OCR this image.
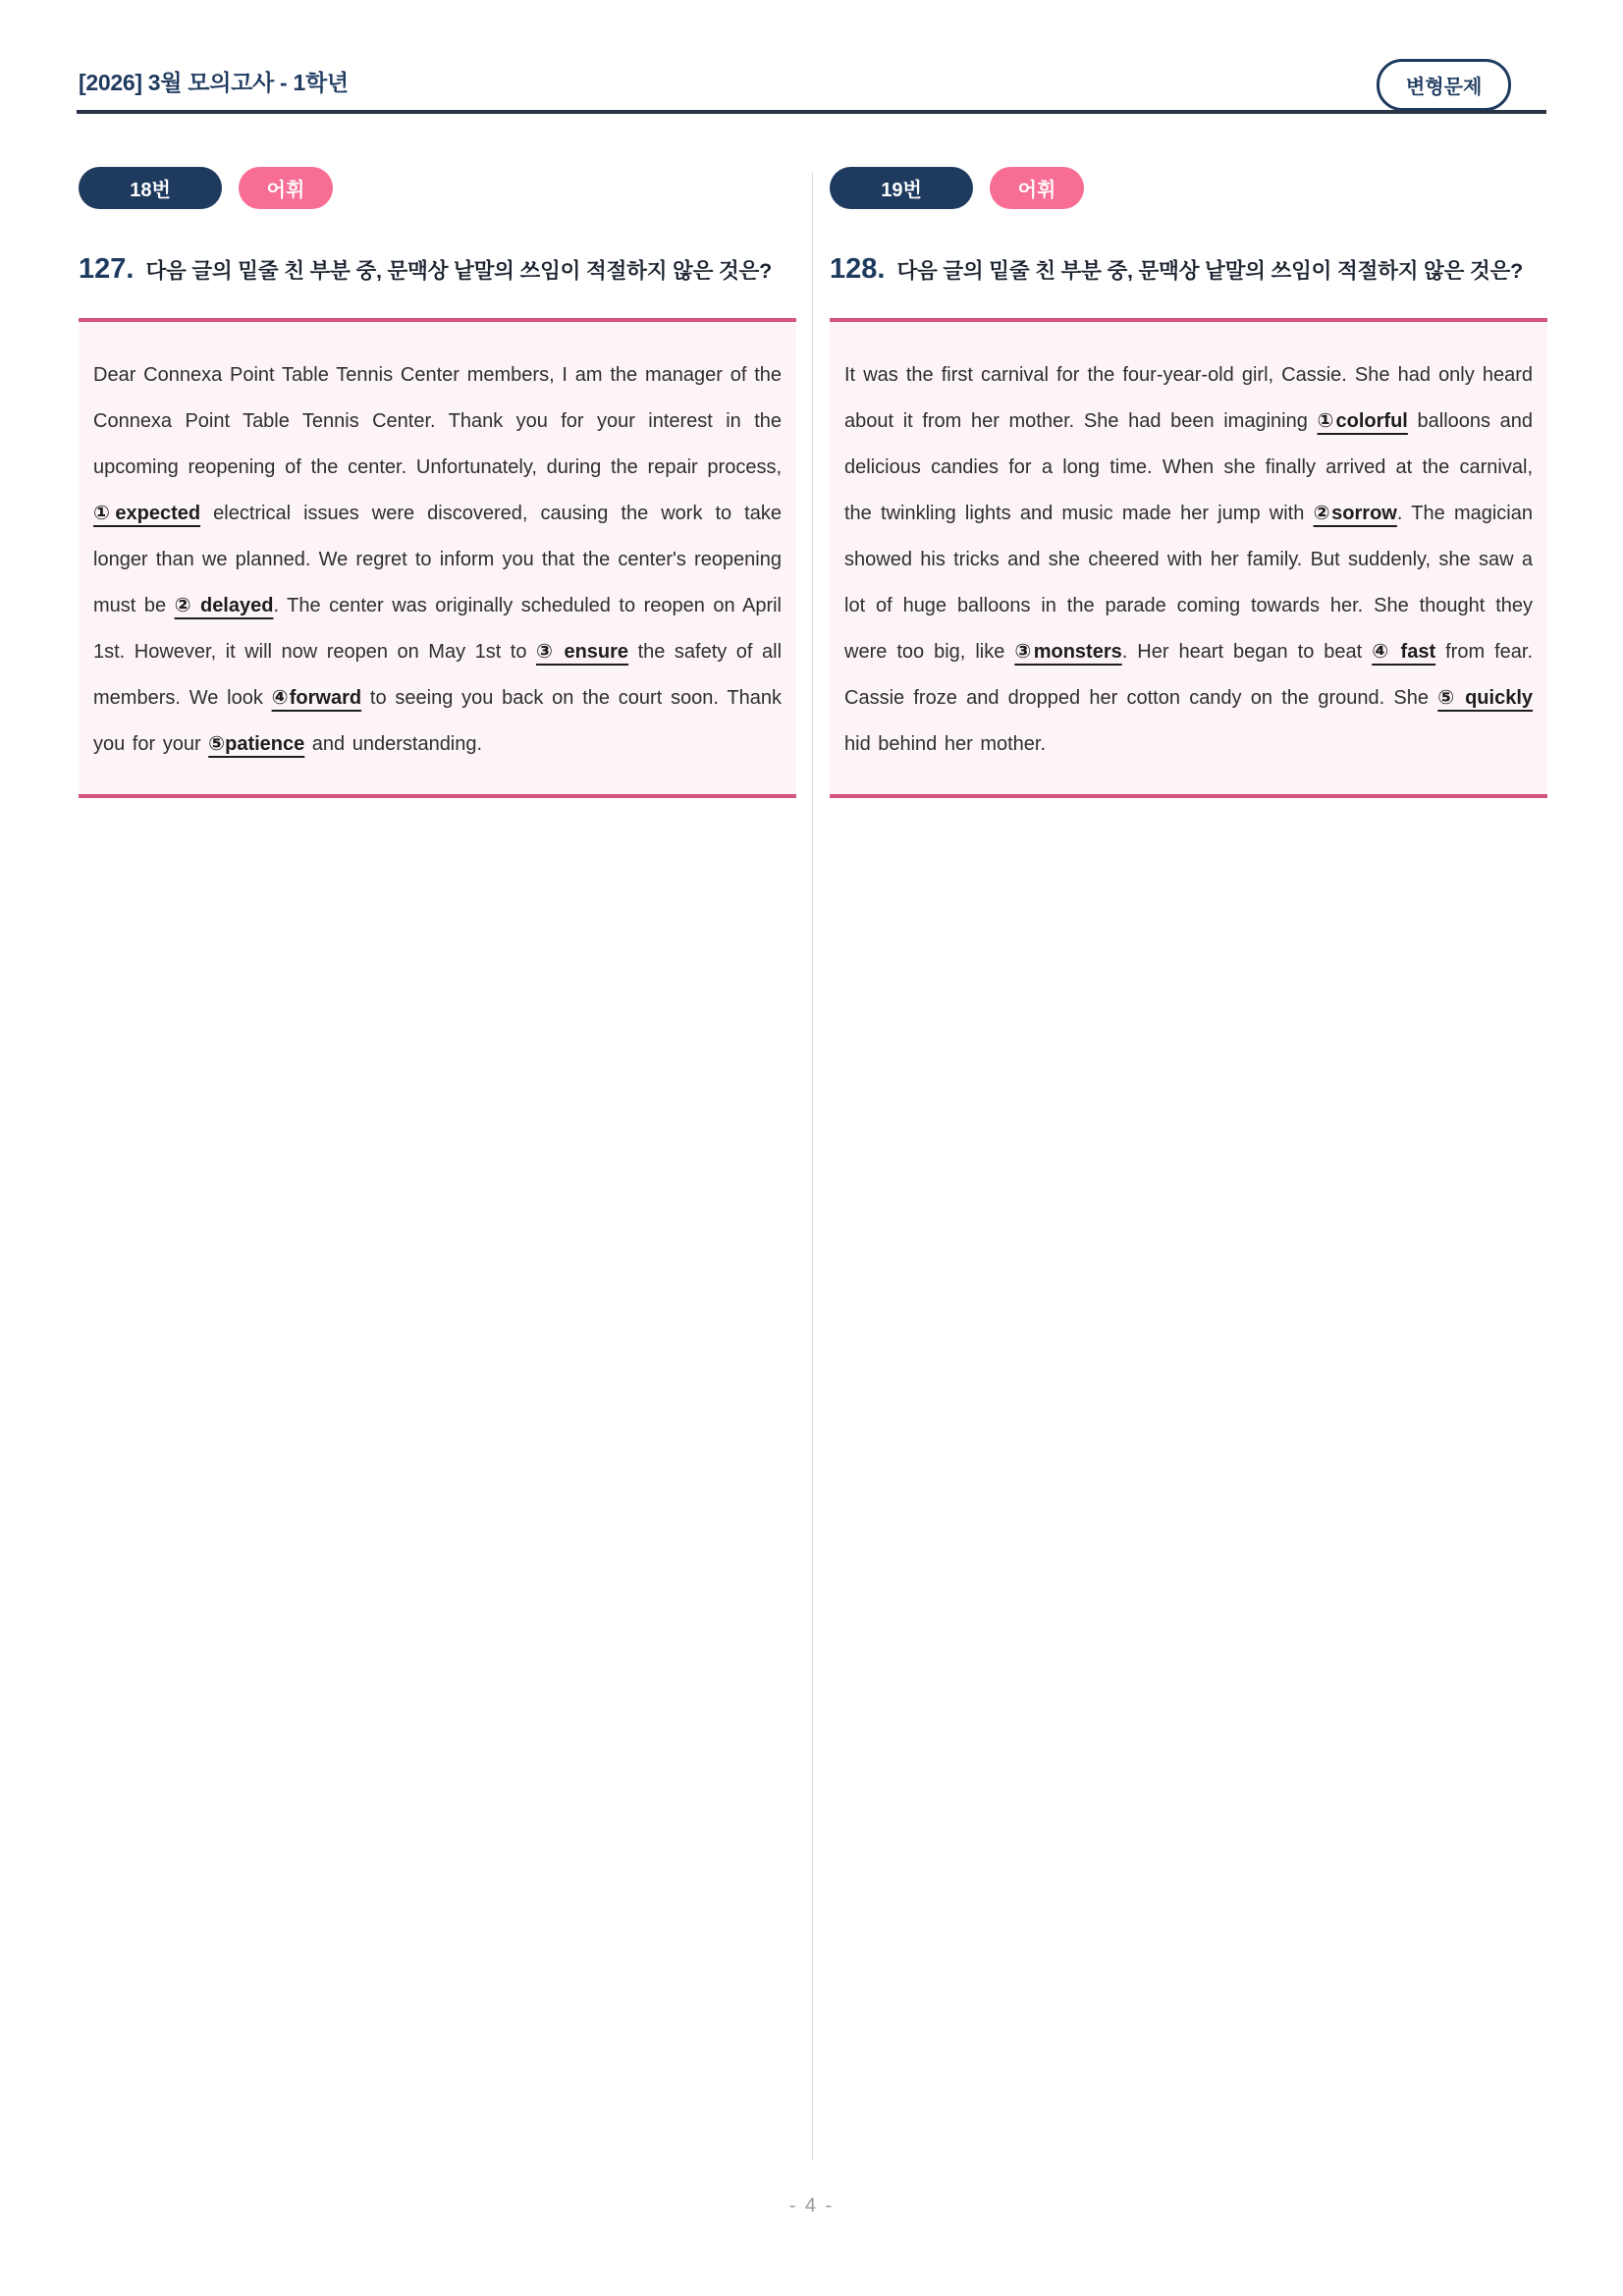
[2026] 3월 모의고사 - 1학년	변형문제
18번	어휘
127. 다음 글의 밑줄 친 부분 중, 문맥상 낱말의 쓰임이 적절하지 않은 것은?
Dear Connexa Point Table Tennis Center members, I am the manager of the Connexa Point Table Tennis Center. Thank you for your interest in the upcoming reopening of the center. Unfortunately, during the repair process, ①expected electrical issues were discovered, causing the work to take longer than we planned. We regret to inform you that the center's reopening must be ② delayed. The center was originally scheduled to reopen on April 1st. However, it will now reopen on May 1st to ③ ensure the safety of all members. We look ④forward to seeing you back on the court soon. Thank you for your ⑤patience and understanding.
19번	어휘
128. 다음 글의 밑줄 친 부분 중, 문맥상 낱말의 쓰임이 적절하지 않은 것은?
It was the first carnival for the four-year-old girl, Cassie. She had only heard about it from her mother. She had been imagining ①colorful balloons and delicious candies for a long time. When she finally arrived at the carnival, the twinkling lights and music made her jump with ②sorrow. The magician showed his tricks and she cheered with her family. But suddenly, she saw a lot of huge balloons in the parade coming towards her. She thought they were too big, like ③monsters. Her heart began to beat ④ fast from fear. Cassie froze and dropped her cotton candy on the ground. She ⑤ quickly hid behind her mother.
- 4 -
